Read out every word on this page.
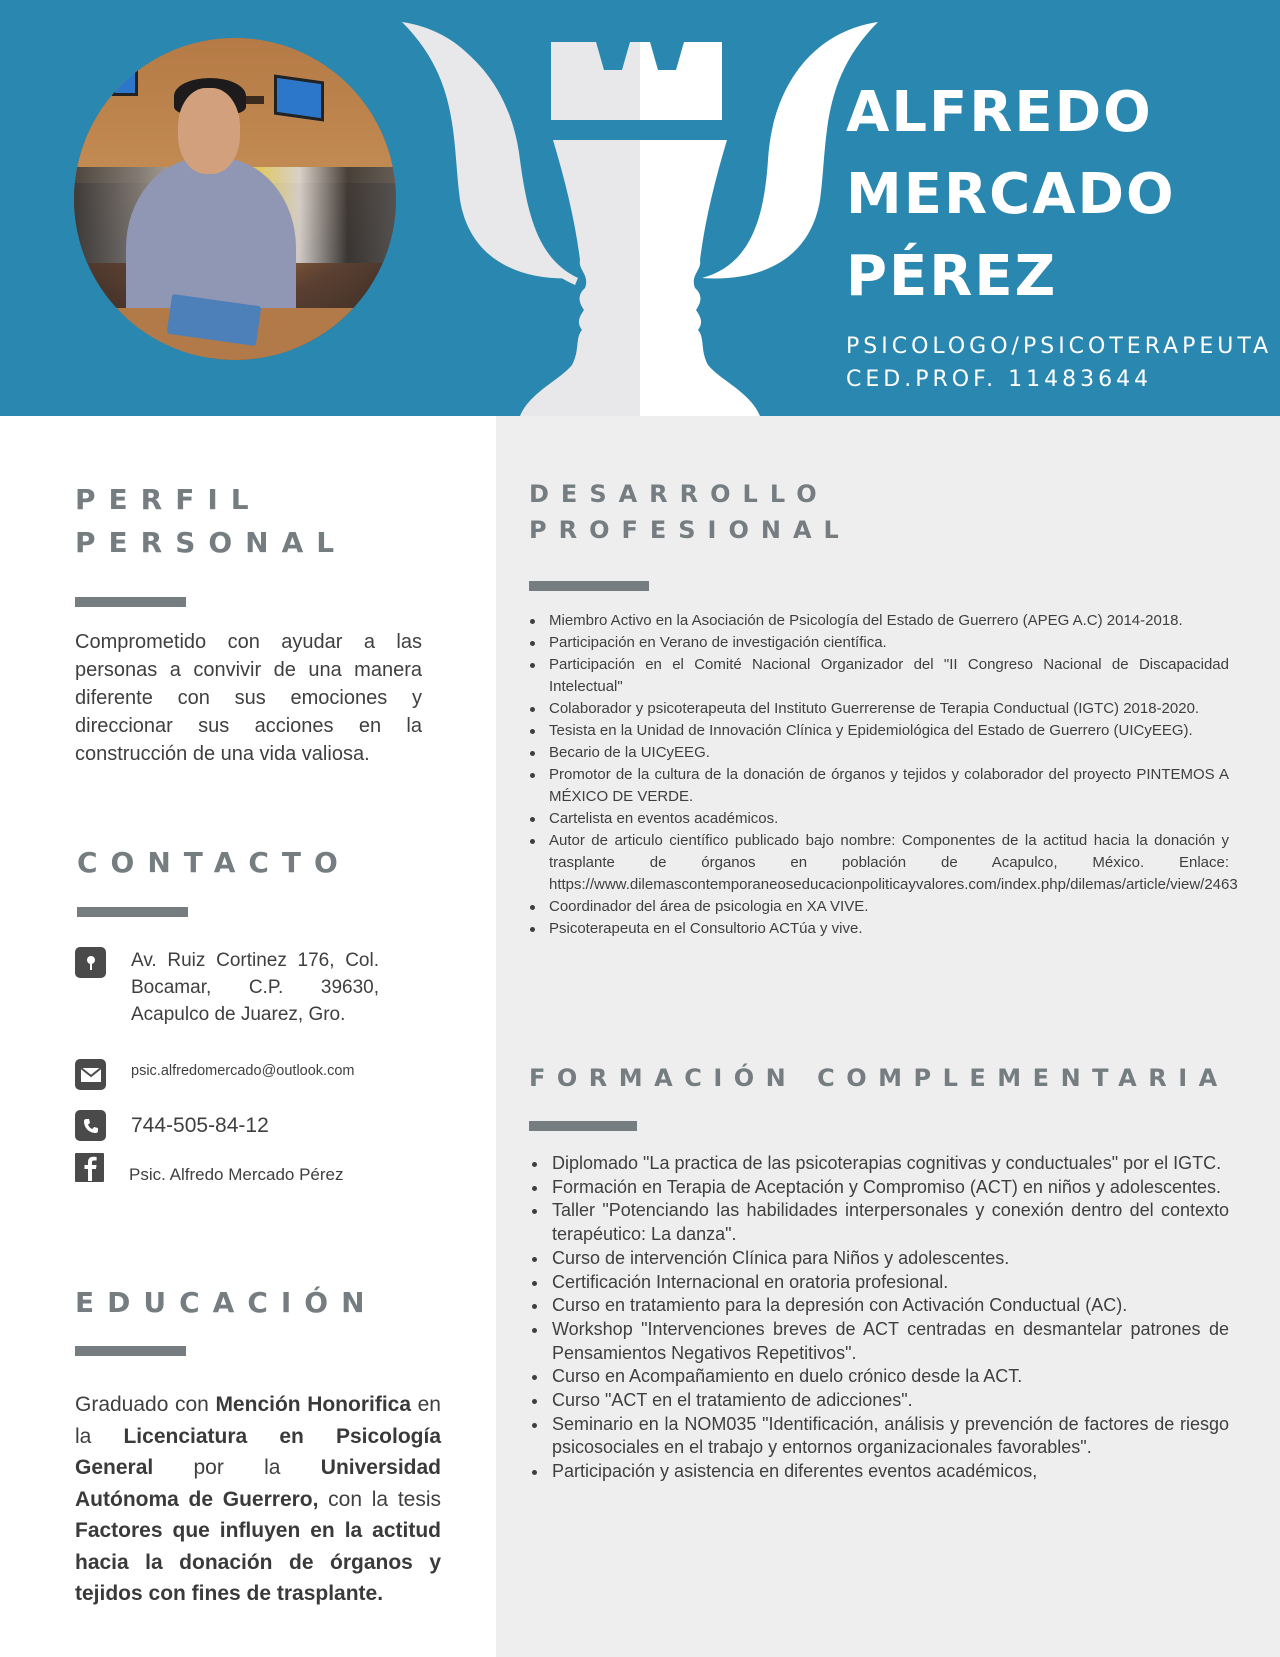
ALFREDO
MERCADO
PÉREZ
PSICOLOGO/PSICOTERAPEUTA
CED.PROF. 11483644
PERFIL
PERSONAL

Comprometido con ayudar a las personas a convivir de una manera diferente con sus emociones y direccionar sus acciones en la construcción de una vida valiosa.

CONTACTO
Av. Ruiz Cortinez 176, Col. Bocamar, C.P. 39630, Acapulco de Juarez, Gro.
psic.alfredomercado@outlook.com
744-505-84-12
Psic. Alfredo Mercado Pérez
EDUCACIÓN

Graduado con Mención Honorifica en la Licenciatura en Psicología General por la Universidad Autónoma de Guerrero, con la tesis Factores que influyen en la actitud hacia la donación de órganos y tejidos con fines de trasplante.

DESARROLLO
PROFESIONAL
Miembro Activo en la Asociación de Psicología del Estado de Guerrero (APEG A.C) 2014-2018.
Participación en Verano de investigación científica.
Participación en el Comité Nacional Organizador del "II Congreso Nacional de Discapacidad Intelectual"
Colaborador y psicoterapeuta del Instituto Guerrerense de Terapia Conductual (IGTC) 2018-2020.
Tesista en la Unidad de Innovación Clínica y Epidemiológica del Estado de Guerrero (UICyEEG).
Becario de la UICyEEG.
Promotor de la cultura de la donación de órganos y tejidos y colaborador del proyecto PINTEMOS A MÉXICO DE VERDE.
Cartelista en eventos académicos.
Autor de articulo científico publicado bajo nombre: Componentes de la actitud hacia la donación y trasplante de órganos en población de Acapulco, México. Enlace: https://www.dilemascontemporaneoseducacionpoliticayvalores.com/index.php/dilemas/article/view/2463
Coordinador del área de psicologia en XA VIVE.
Psicoterapeuta en el Consultorio ACTúa y vive.
FORMACIÓN COMPLEMENTARIA
Diplomado "La practica de las psicoterapias cognitivas y conductuales" por el IGTC.
Formación en Terapia de Aceptación y Compromiso (ACT) en niños y adolescentes.
Taller "Potenciando las habilidades interpersonales y conexión dentro del contexto terapéutico: La danza".
Curso de intervención Clínica para Niños y adolescentes.
Certificación Internacional en oratoria profesional.
Curso en tratamiento para la depresión con Activación Conductual (AC).
Workshop "Intervenciones breves de ACT centradas en desmantelar patrones de Pensamientos Negativos Repetitivos".
Curso en Acompañamiento en duelo crónico desde la ACT.
Curso "ACT en el tratamiento de adicciones".
Seminario en la NOM035 "Identificación, análisis y prevención de factores de riesgo psicosociales en el trabajo y entornos organizacionales favorables".
Participación y asistencia en diferentes eventos académicos,
